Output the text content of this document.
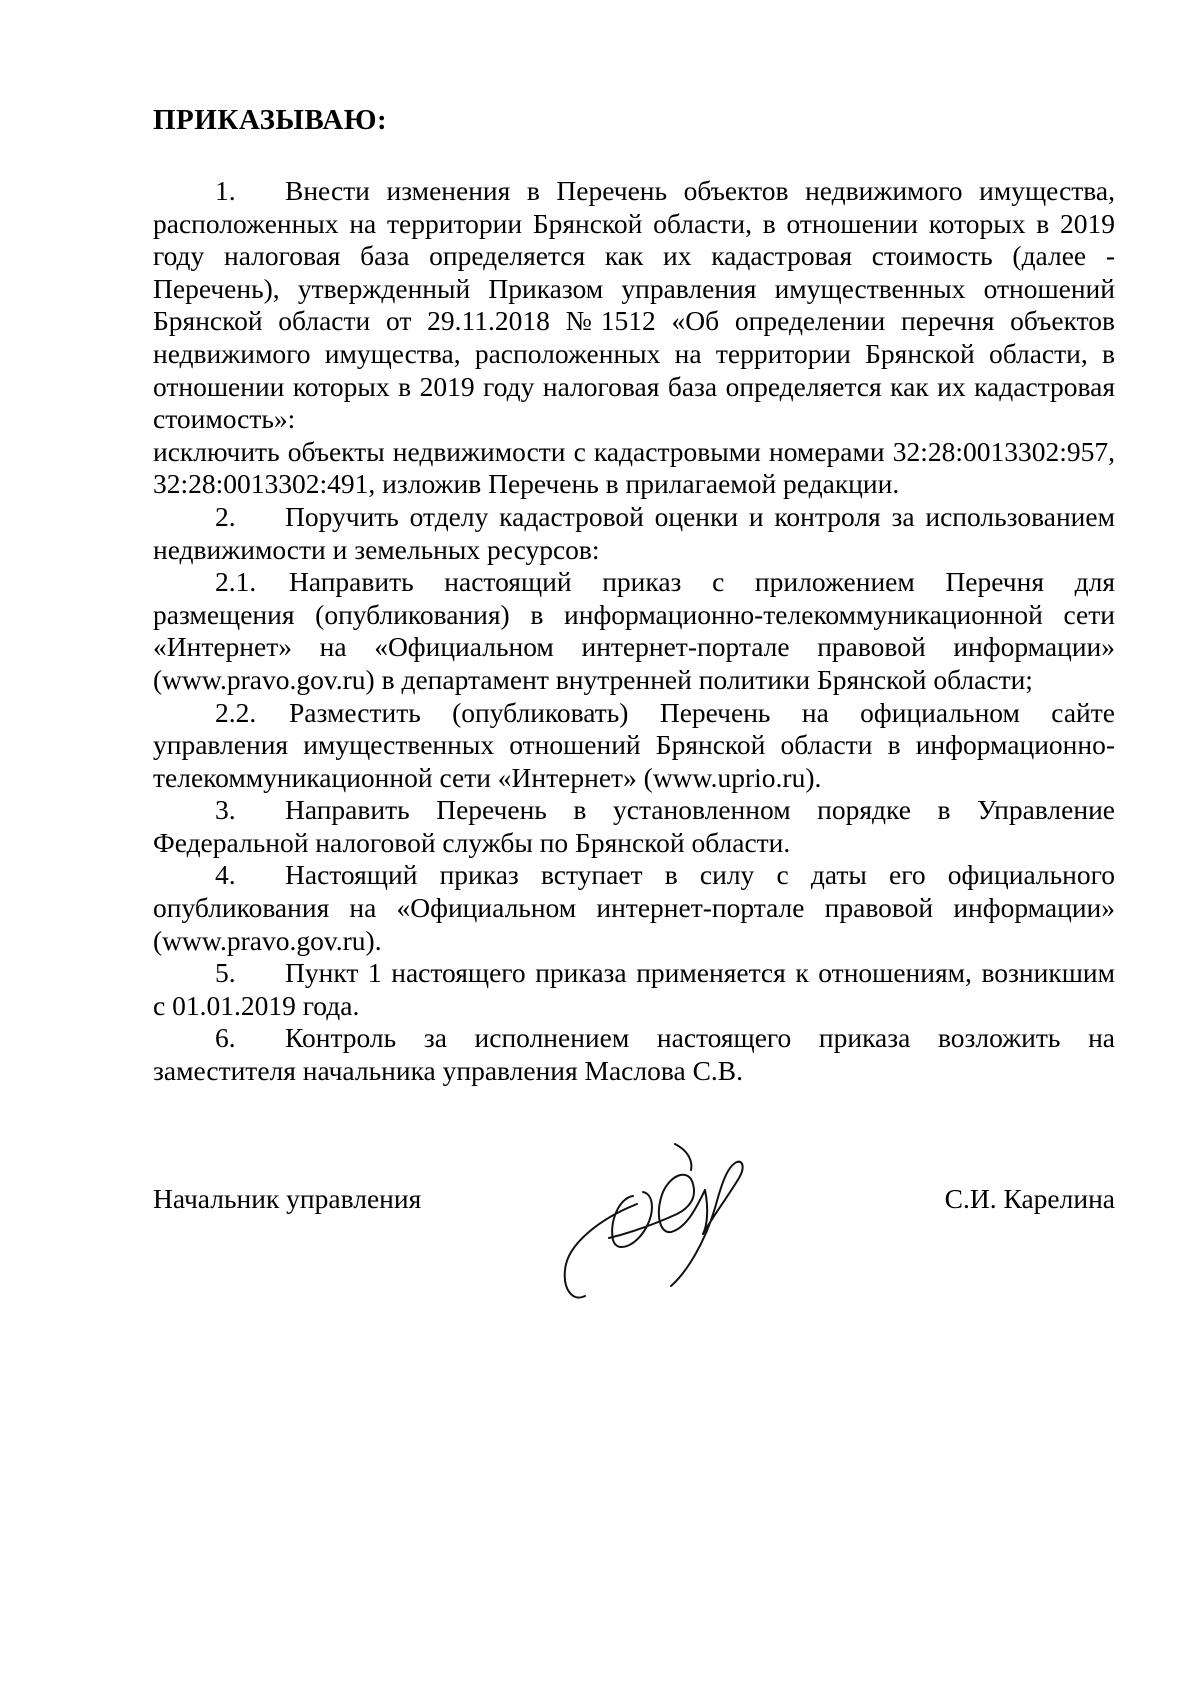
ПРИКАЗЫВАЮ:

1. Внести изменения в Перечень объектов недвижимого имущества, расположенных на территории Брянской области, в отношении которых в 2019 году налоговая база определяется как их кадастровая стоимость (далее - Перечень), утвержденный Приказом управления имущественных отношений Брянской области от 29.11.2018 №1512 «Об определении перечня объектов недвижимого имущества, расположенных на территории Брянской области, в отношении которых в 2019 году налоговая база определяется как их кадастровая стоимость»:

исключить объекты недвижимости с кадастровыми номерами 32:28:0013302:957, 32:28:0013302:491, изложив Перечень в прилагаемой редакции.

2. Поручить отделу кадастровой оценки и контроля за использованием недвижимости и земельных ресурсов:

2.1. Направить настоящий приказ с приложением Перечня для размещения (опубликования) в информационно-телекоммуникационной сети «Интернет» на «Официальном интернет-портале правовой информации» (www.pravo.gov.ru) в департамент внутренней политики Брянской области;

2.2. Разместить (опубликовать) Перечень на официальном сайте управления имущественных отношений Брянской области в информационно-телекоммуникационной сети «Интернет» (www.uprio.ru).

3. Направить Перечень в установленном порядке в Управление Федеральной налоговой службы по Брянской области.

4. Настоящий приказ вступает в силу с даты его официального опубликования на «Официальном интернет-портале правовой информации» (www.pravo.gov.ru).

5. Пункт 1 настоящего приказа применяется к отношениям, возникшим с 01.01.2019 года.

6. Контроль за исполнением настоящего приказа возложить на заместителя начальника управления Маслова С.В.

Начальник управления	С.И. Карелина
